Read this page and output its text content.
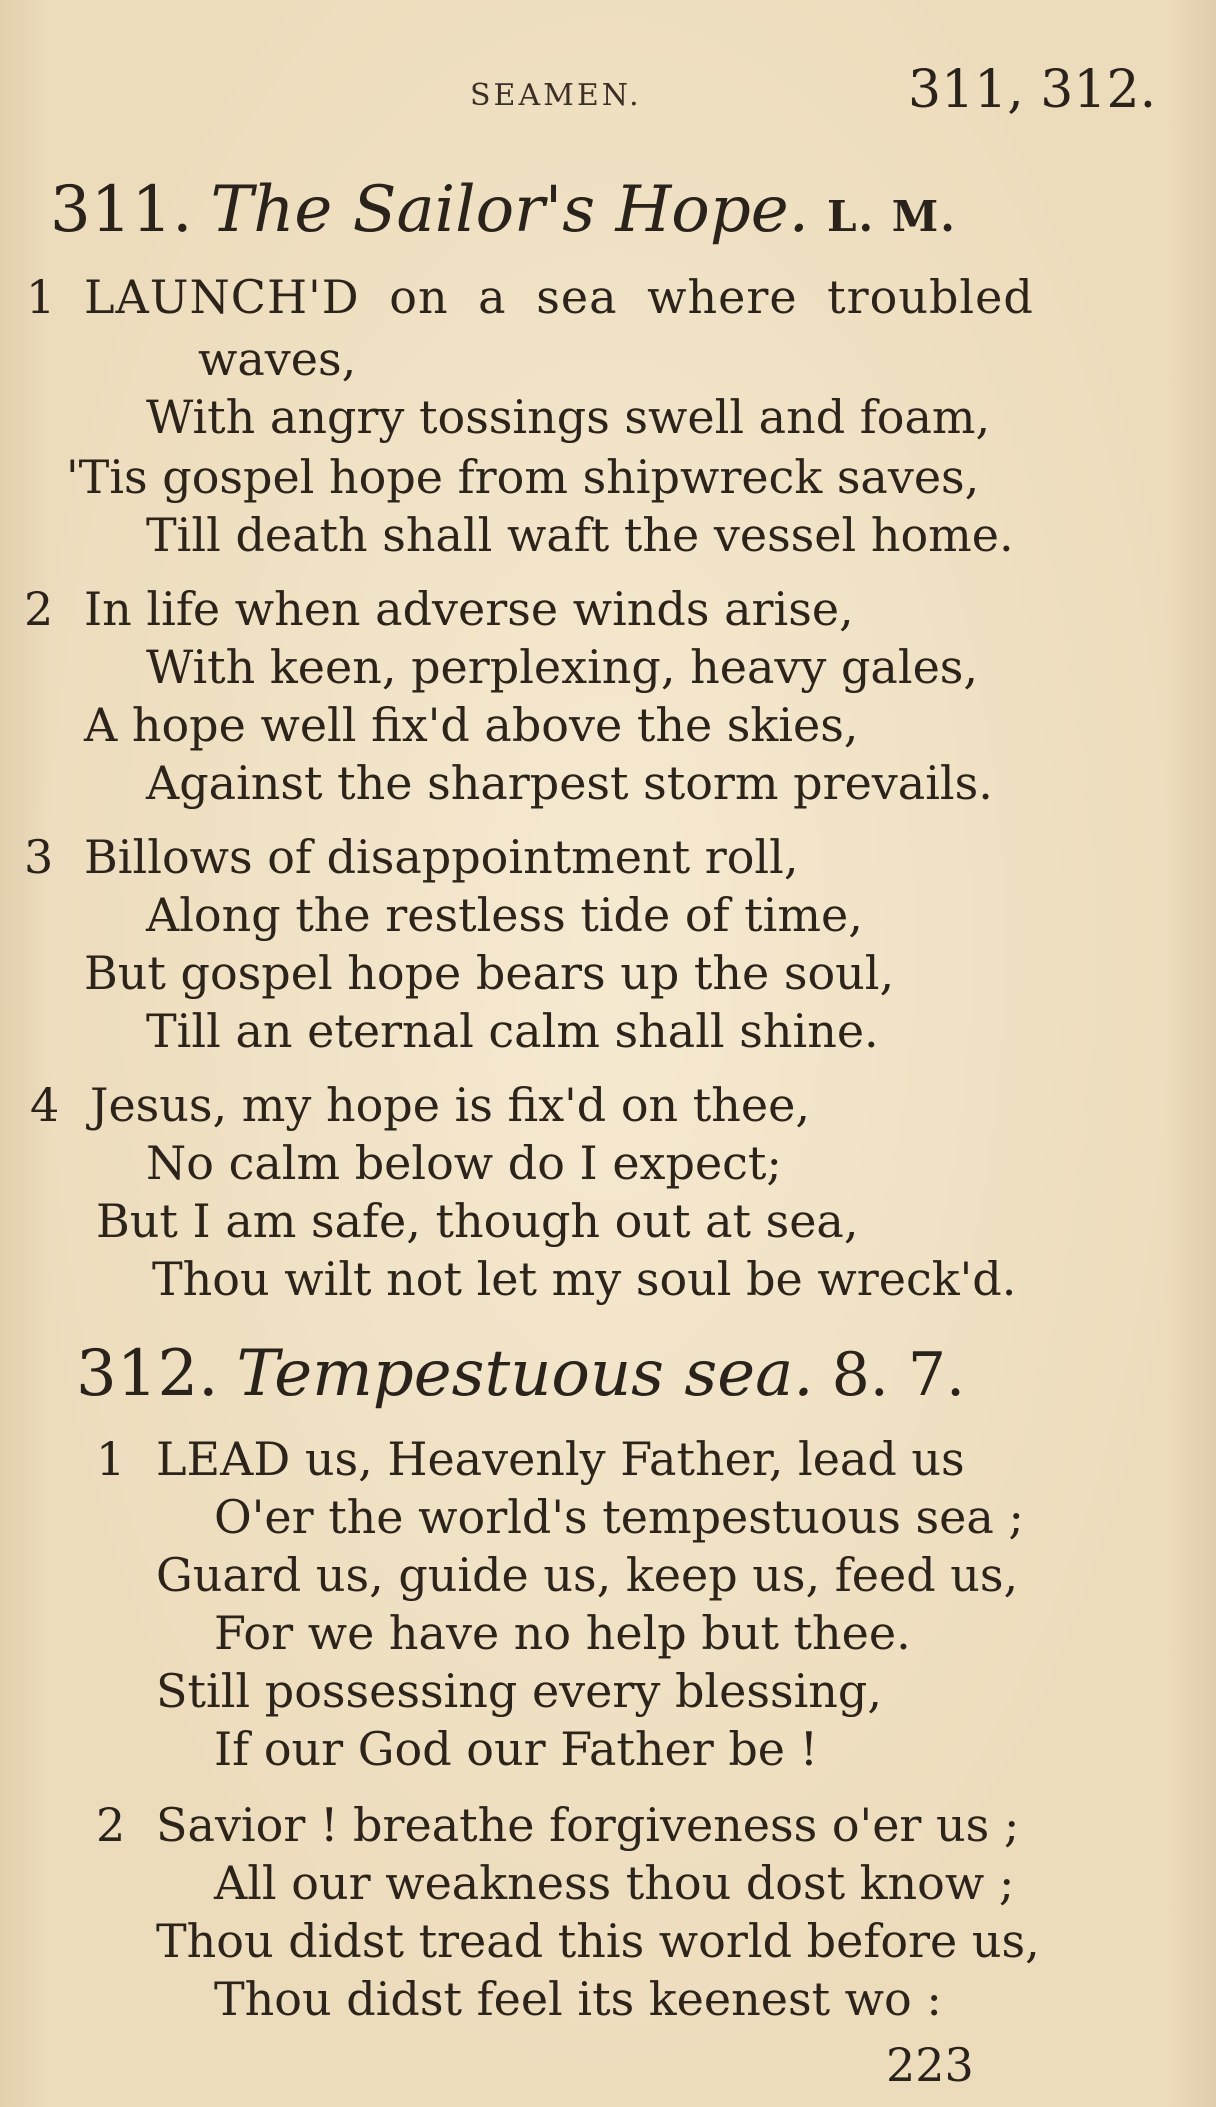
SEAMEN.	311, 312.
311. The Sailor's Hope. L. M.
1 LAUNCH'D on a sea where troubled
waves,
With angry tossings swell and foam,
'Tis gospel hope from shipwreck saves,
Till death shall waft the vessel home.
2 In life when adverse winds arise,
With keen, perplexing, heavy gales,
A hope well fix'd above the skies,
Against the sharpest storm prevails.
3 Billows of disappointment roll,
Along the restless tide of time,
But gospel hope bears up the soul,
Till an eternal calm shall shine.
4 Jesus, my hope is fix'd on thee,
No calm below do I expect;
But I am safe, though out at sea,
Thou wilt not let my soul be wreck'd.
312. Tempestuous sea. 8. 7.
1 LEAD us, Heavenly Father, lead us
O'er the world's tempestuous sea ;
Guard us, guide us, keep us, feed us,
For we have no help but thee.
Still possessing every blessing,
If our God our Father be !
2 Savior ! breathe forgiveness o'er us ;
All our weakness thou dost know ;
Thou didst tread this world before us,
Thou didst feel its keenest wo :
223
